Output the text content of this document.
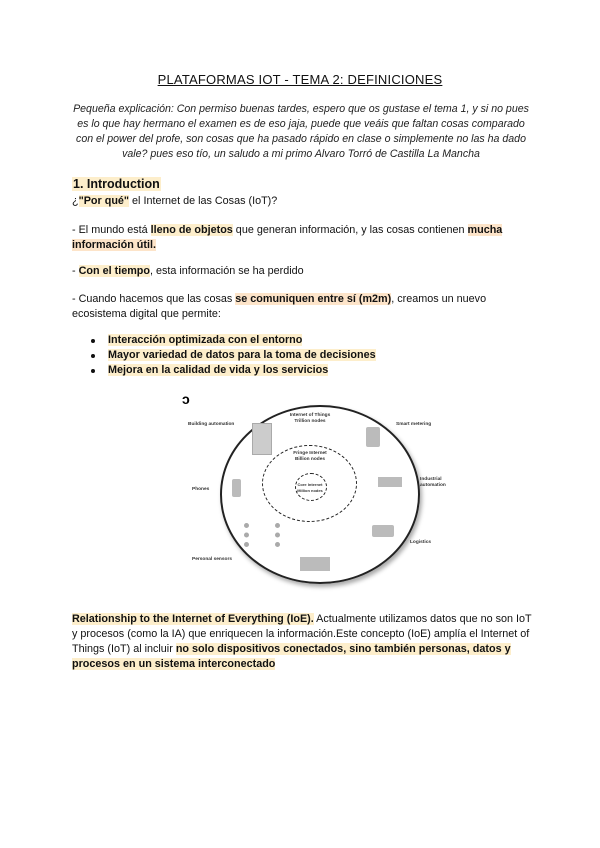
PLATAFORMAS IOT - TEMA 2: DEFINICIONES
Pequeña explicación: Con permiso buenas tardes, espero que os gustase el tema 1, y si no pues es lo que hay hermano el examen es de eso jaja, puede que veáis que faltan cosas comparado con el power del profe, son cosas que ha pasado rápido en clase o simplemente no las ha dado vale? pues eso tío, un saludo a mi primo Alvaro Torró de Castilla La Mancha
1. Introduction
¿"Por qué" el Internet de las Cosas (IoT)?
- El mundo está lleno de objetos que generan información, y las cosas contienen mucha información útil.
- Con el tiempo, esta información se ha perdido
- Cuando hacemos que las cosas se comuniquen entre sí (m2m), creamos un nuevo ecosistema digital que permite:
Interacción optimizada con el entorno
Mayor variedad de datos para la toma de decisiones
Mejora en la calidad de vida y los servicios
ɔ
Internet of Things
Trillion nodes
Fringe Internet
Billion nodes
Core Internet
Million nodes
Building automation	Smart metering
Industrial
automation
Phones
Logistics
Personal sensors
Relationship to the Internet of Everything (IoE). Actualmente utilizamos datos que no son IoT y procesos (como la IA) que enriquecen la información.Este concepto (IoE) amplía el Internet of Things (IoT) al incluir no solo dispositivos conectados, sino también personas, datos y procesos en un sistema interconectado
